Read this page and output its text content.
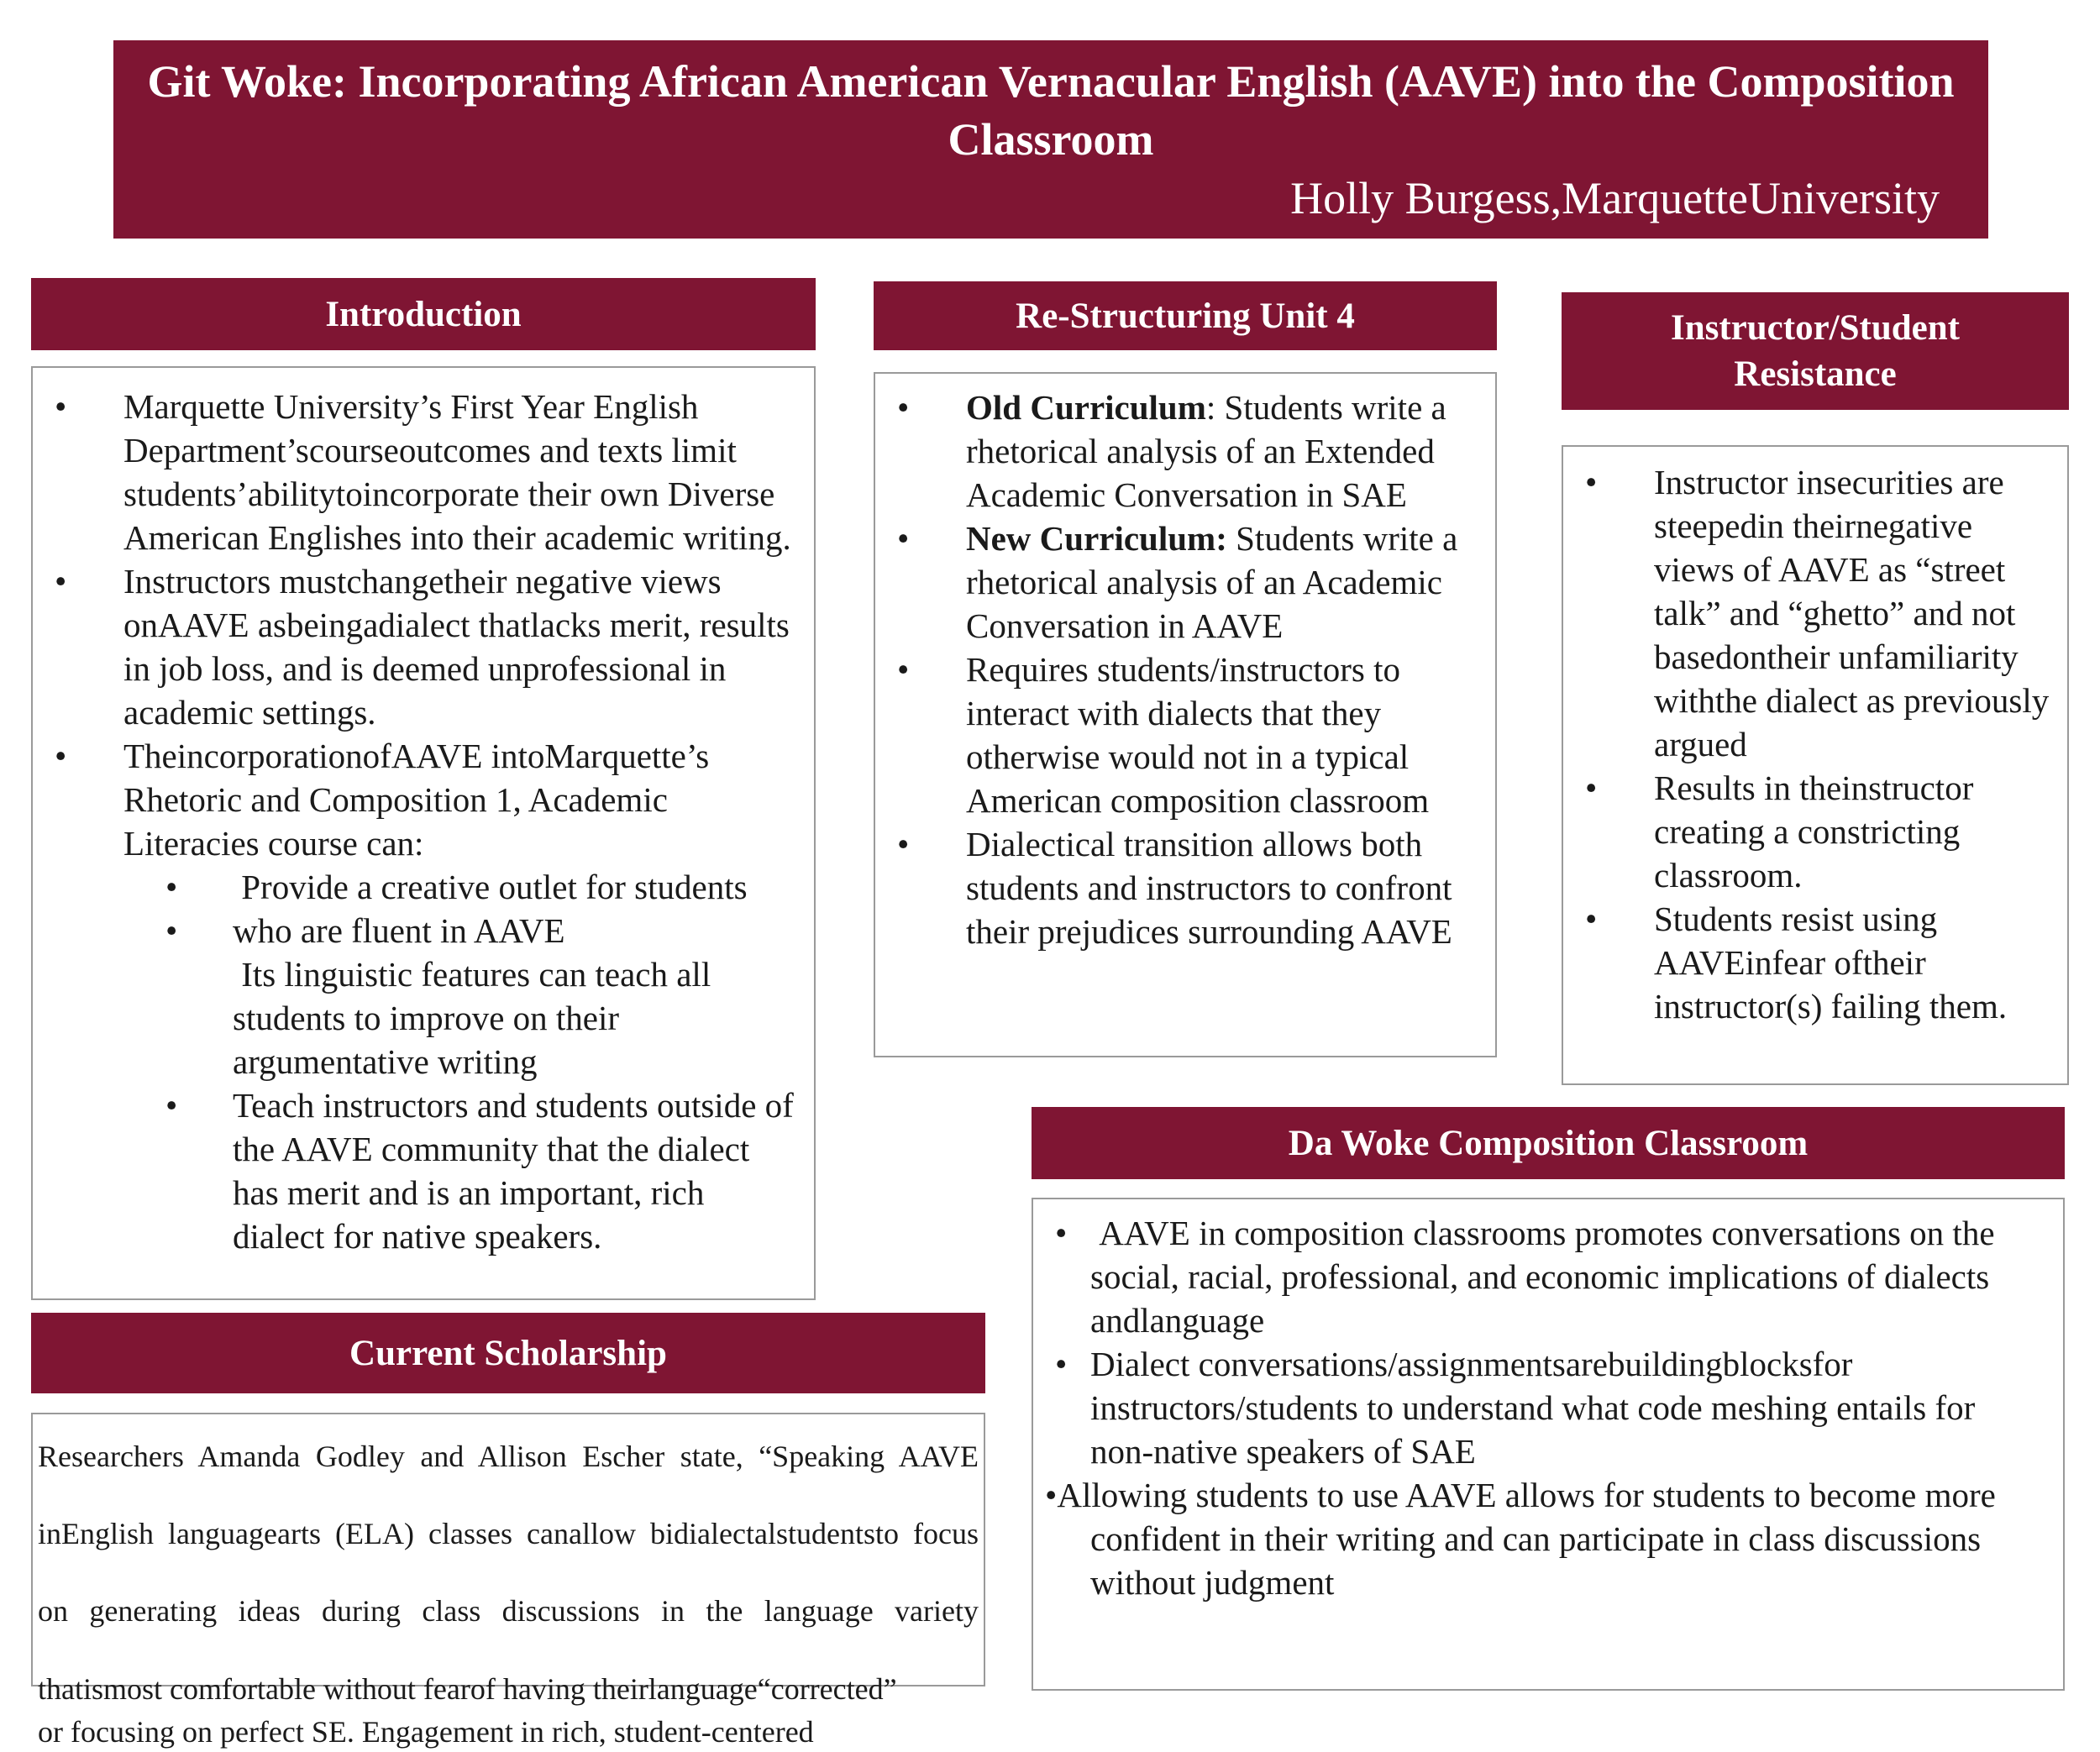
Git Woke: Incorporating African American Vernacular English (AAVE) into the Composition Classroom
Holly Burgess,MarquetteUniversity
Introduction
• Marquette University’s First Year English Department’scourseoutcomes and texts limit students’abilitytoincorporate their own Diverse American Englishes into their academic writing.
• Instructors mustchangetheir negative views onAAVE asbeingadialect thatlacks merit, results in job loss, and is deemed unprofessional in academic settings.
• TheincorporationofAAVE intoMarquette’s Rhetoric and Composition 1, Academic Literacies course can:
•  Provide a creative outlet for students
• who are fluent in AAVE
Its linguistic features can teach all students to improve on their argumentative writing
• Teach instructors and students outside of the AAVE community that the dialect has merit and is an important, rich dialect for native speakers.
Re-Structuring Unit 4
• Old Curriculum: Students write a rhetorical analysis of an Extended Academic Conversation in SAE
• New Curriculum: Students write a rhetorical analysis of an Academic Conversation in AAVE
• Requires students/instructors to interact with dialects that they otherwise would not in a typical American composition classroom
• Dialectical transition allows both students and instructors to confront their prejudices surrounding AAVE
Instructor/Student Resistance
• Instructor insecurities are steepedin theirnegative views of AAVE as “street talk” and “ghetto” and not basedontheir unfamiliarity withthe dialect as previously argued
• Results in theinstructor creating a constricting classroom.
• Students resist using AAVEinfear oftheir instructor(s) failing them.
Current Scholarship
Researchers Amanda Godley and Allison Escher state, “Speaking AAVE
inEnglish languagearts (ELA) classes canallow bidialectalstudentsto focus
on generating ideas during class discussions in the language variety
thatismost comfortable without fearof having theirlanguage“corrected”
or focusing on perfect SE. Engagement in rich, student-centered
Da Woke Composition Classroom
•  AAVE in composition classrooms promotes conversations on the social, racial, professional, and economic implications of dialects andlanguage
• Dialect conversations/assignmentsarebuildingblocksfor instructors/students to understand what code meshing entails for non-native speakers of SAE
•Allowing students to use AAVE allows for students to become more confident in their writing and can participate in class discussions without judgment
